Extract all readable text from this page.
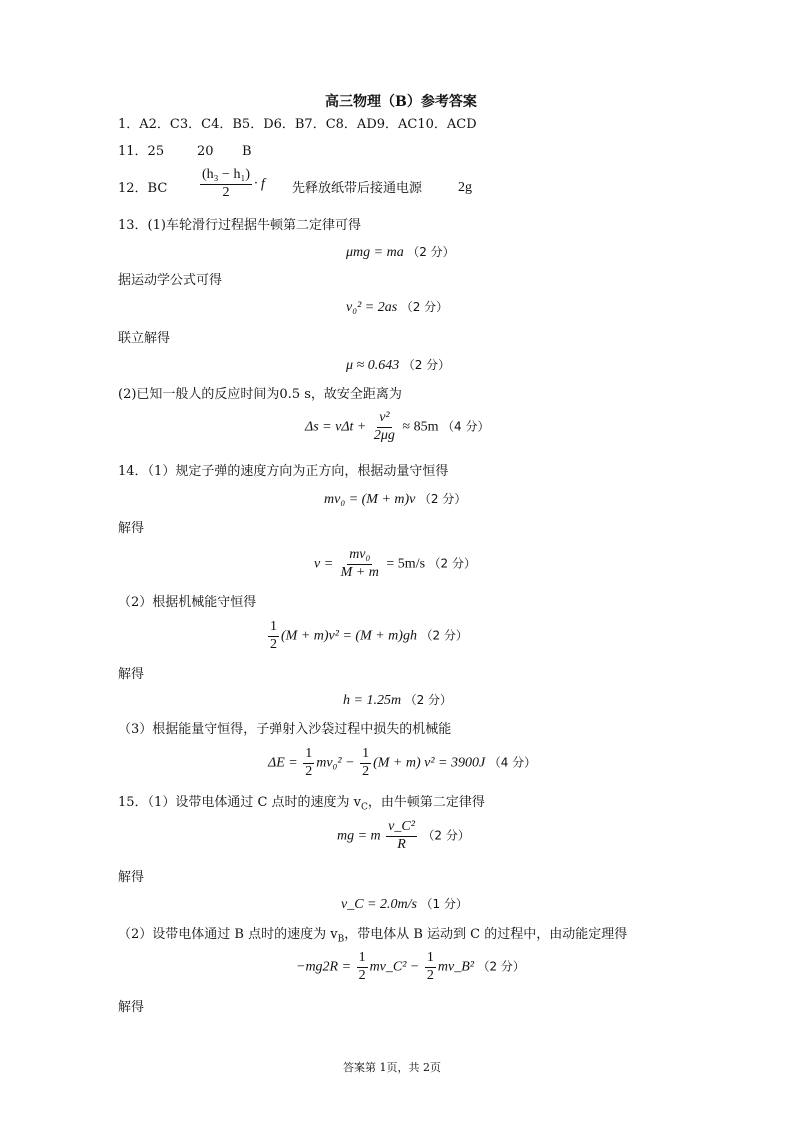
高三物理（B）参考答案
1．A2．C3．C4．B5．D6．B7．C8．AD9．AC10．ACD
11．25	20 B
12．BC $\frac{\text{(h₃ − h₁)}}{2} \cdot f$ 先释放纸带后接通电源	2g
13．(1)车轮滑行过程据牛顿第二定律可得
μmg = ma （2 分）
据运动学公式可得
v₀² = 2as （2 分）
联立解得
μ ≈ 0.643 （2 分）
(2)已知一般人的反应时间为0.5 s，故安全距离为
$\Delta s = v\Delta t + \frac{\text{v²}}{2\mu g} \approx 85m$ （4 分）
14．（1）规定子弹的速度方向为正方向，根据动量守恒得
mv₀ = (M + m)v （2 分）
解得
$v = \frac{\text{mv₀}}{M + m} = 5m/s$ （2 分）
（2）根据机械能守恒得
$\frac{1}{2} (M + m)v^2 = (M + m)gh$ （2 分）
解得
h = 1.25m （2 分）
（3）根据能量守恒得，子弹射入沙袋过程中损失的机械能
$\Delta E = \frac{1}{2} mv_0^2 - \frac{1}{2} (M + m) v^2 = 3900J$ （4 分）
15．（1）设带电体通过 C 点时的速度为 $v_C$，由牛顿第二定律得
mg = m $\frac{\text{v\_C²}}{R} (2$ 分）
解得
v_C = 2.0m/s （1 分）
（2）设带电体通过 B 点时的速度为 $v_B$，带电体从 B 运动到 C 的过程中，由动能定理得
$-mg2R = \frac{1}{2}$ mv_C² − $\frac{1}{2}$ mv_B² （2 分）
解得
答案第 1页，共 2页
